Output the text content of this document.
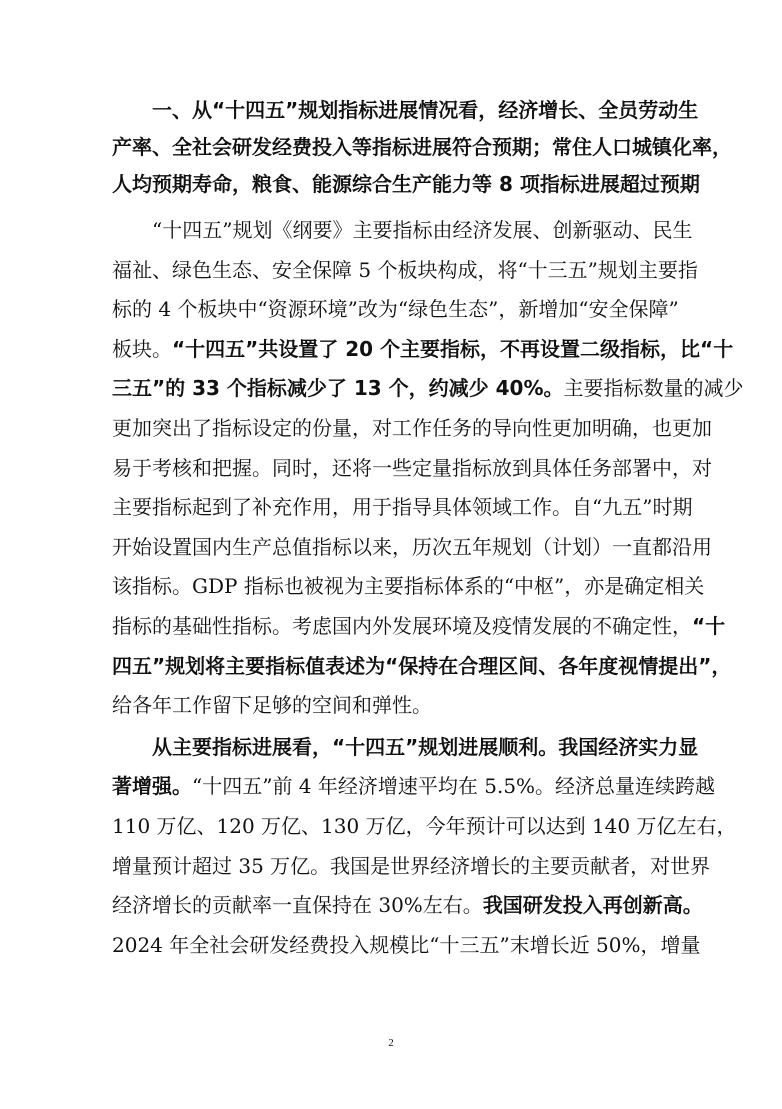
一、从“十四五”规划指标进展情况看，经济增长、全员劳动生
产率、全社会研发经费投入等指标进展符合预期；常住人口城镇化率，
人均预期寿命，粮食、能源综合生产能力等 8 项指标进展超过预期
“十四五”规划《纲要》主要指标由经济发展、创新驱动、民生
福祉、绿色生态、安全保障 5 个板块构成，将“十三五”规划主要指
标的 4 个板块中“资源环境”改为“绿色生态”，新增加“安全保障”
板块。“十四五”共设置了 20 个主要指标，不再设置二级指标，比“十
三五”的 33 个指标减少了 13 个，约减少 40%。主要指标数量的减少
更加突出了指标设定的份量，对工作任务的导向性更加明确，也更加
易于考核和把握。同时，还将一些定量指标放到具体任务部署中，对
主要指标起到了补充作用，用于指导具体领域工作。自“九五”时期
开始设置国内生产总值指标以来，历次五年规划（计划）一直都沿用
该指标。GDP 指标也被视为主要指标体系的“中枢”，亦是确定相关
指标的基础性指标。考虑国内外发展环境及疫情发展的不确定性，“十
四五”规划将主要指标值表述为“保持在合理区间、各年度视情提出”，
给各年工作留下足够的空间和弹性。
从主要指标进展看，“十四五”规划进展顺利。我国经济实力显
著增强。“十四五”前 4 年经济增速平均在 5.5%。经济总量连续跨越
110 万亿、120 万亿、130 万亿，今年预计可以达到 140 万亿左右，
增量预计超过 35 万亿。我国是世界经济增长的主要贡献者，对世界
经济增长的贡献率一直保持在 30%左右。我国研发投入再创新高。
2024 年全社会研发经费投入规模比“十三五”末增长近 50%，增量
2
